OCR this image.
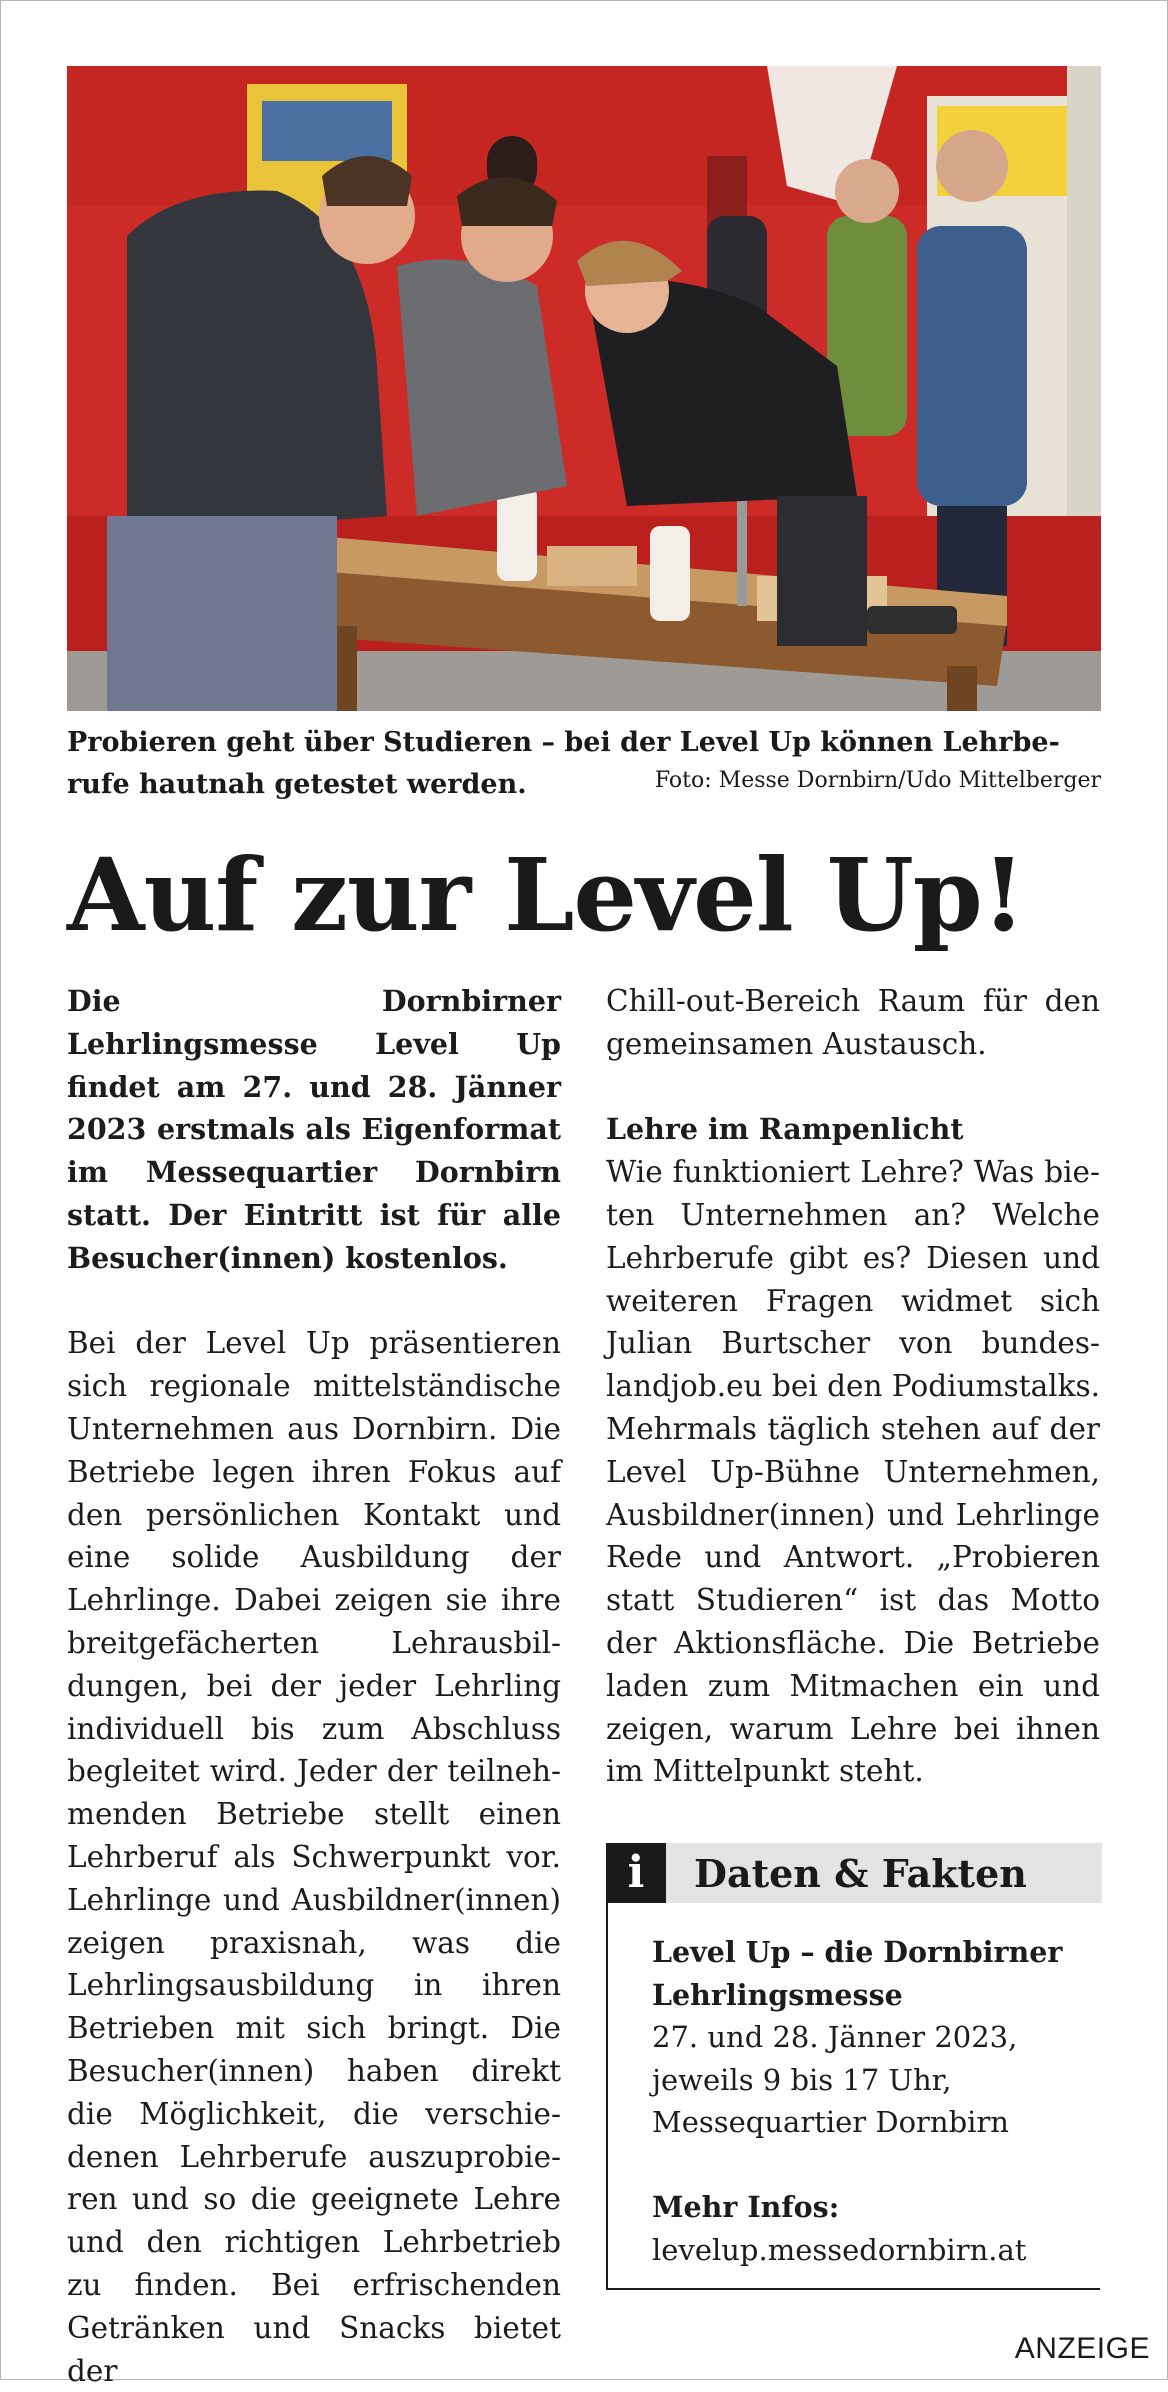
Probieren geht über Studieren – bei der Level Up können Lehrbe-
rufe hautnah getestet werden.	Foto: Messe Dornbirn/Udo Mittelberger
Auf zur Level Up!

Die Dornbirner Lehrlingsmesse Level Up findet am 27. und 28. Jänner 2023 erstmals als Eigenformat im Messequartier Dornbirn statt. Der Eintritt ist für alle Besucher(innen) kostenlos.

Bei der Level Up präsentieren sich regionale mittelständische Unternehmen aus Dornbirn. Die Betriebe legen ihren Fokus auf den persönlichen Kontakt und eine solide Ausbildung der Lehrlinge. Dabei zeigen sie ihre breitgefächerten Lehrausbildungen, bei der jeder Lehrling individuell bis zum Abschluss begleitet wird. Jeder der teilnehmenden Betriebe stellt einen Lehrberuf als Schwerpunkt vor. Lehrlinge und Ausbildner(innen) zeigen praxisnah, was die Lehrlingsausbildung in ihren Betrieben mit sich bringt. Die Besucher(innen) haben direkt die Möglichkeit, die verschiedenen Lehrberufe auszuprobieren und so die geeignete Lehre und den richtigen Lehrbetrieb zu finden. Bei erfrischenden Getränken und Snacks bietet der

Chill-out-Bereich Raum für den gemeinsamen Austausch.

Lehre im Rampenlicht

Wie funktioniert Lehre? Was bieten Unternehmen an? Welche Lehrberufe gibt es? Diesen und weiteren Fragen widmet sich Julian Burtscher von bundeslandjob.eu bei den Podiumstalks. Mehrmals täglich stehen auf der Level Up-Bühne Unternehmen, Ausbildner(innen) und Lehrlinge Rede und Antwort. „Probieren statt Studieren“ ist das Motto der Aktionsfläche. Die Betriebe laden zum Mitmachen ein und zeigen, warum Lehre bei ihnen im Mittelpunkt steht.

i	Daten & Fakten

Level Up – die Dornbirner Lehrlingsmesse

27. und 28. Jänner 2023,

jeweils 9 bis 17 Uhr,

Messequartier Dornbirn

Mehr Infos:

levelup.messedornbirn.at

ANZEIGE
